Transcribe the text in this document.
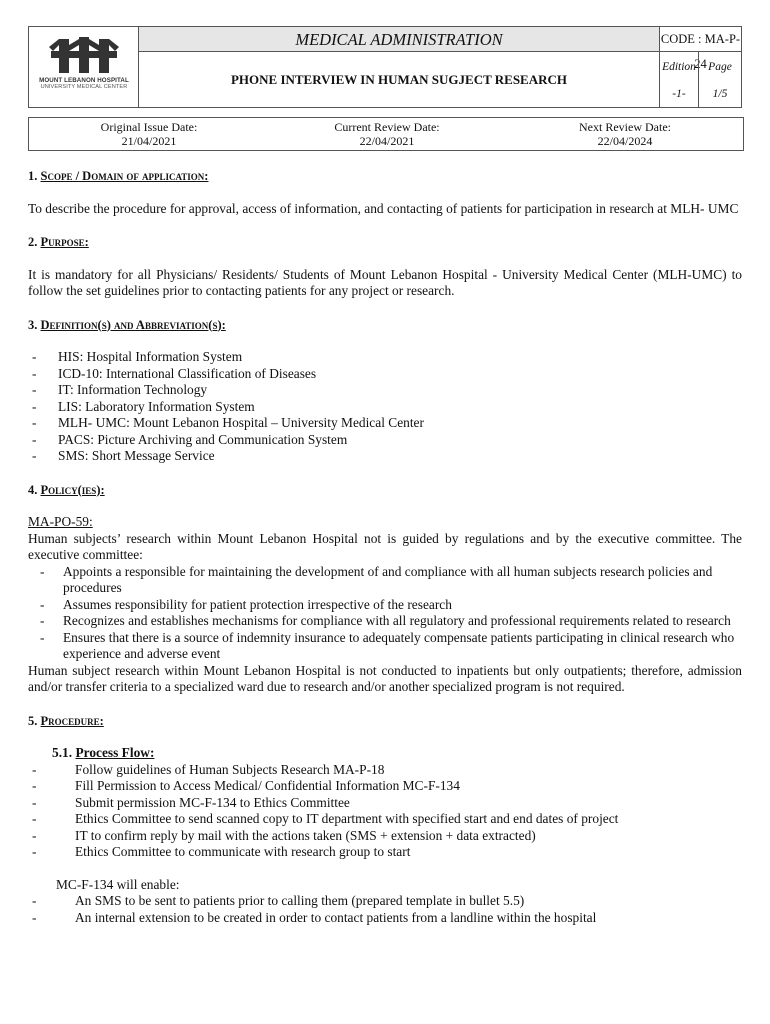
MOUNT LEBANON HOSPITAL
UNIVERSITY MEDICAL CENTER
MEDICAL ADMINISTRATION
PHONE INTERVIEW IN HUMAN SUGJECT RESEARCH
CODE : MA-P-24
Edition	Page
-1-	1/5
Original Issue Date:
21/04/2021
Current Review Date:
22/04/2021
Next Review Date:
22/04/2024
1. Scope / Domain of application:

To describe the procedure for approval, access of information, and contacting of patients for participation in research at MLH- UMC

2. Purpose:

It is mandatory for all Physicians/ Residents/ Students of Mount Lebanon Hospital - University Medical Center (MLH-UMC) to follow the set guidelines prior to contacting patients for any project or research.

3. Definition(s) and Abbreviation(s):
- HIS: Hospital Information System
- ICD-10: International Classification of Diseases
- IT: Information Technology
- LIS: Laboratory Information System
- MLH- UMC: Mount Lebanon Hospital – University Medical Center
- PACS: Picture Archiving and Communication System
- SMS: Short Message Service
4. Policy(ies):
MA-PO-59:

Human subjects’ research within Mount Lebanon Hospital not is guided by regulations and by the executive committee. The executive committee:

- Appoints a responsible for maintaining the development of and compliance with all human subjects research policies and procedures
- Assumes responsibility for patient protection irrespective of the research
- Recognizes and establishes mechanisms for compliance with all regulatory and professional requirements related to research
- Ensures that there is a source of indemnity insurance to adequately compensate patients participating in clinical research who experience and adverse event

Human subject research within Mount Lebanon Hospital is not conducted to inpatients but only outpatients; therefore, admission and/or transfer criteria to a specialized ward due to research and/or another specialized program is not required.

5. Procedure:
5.1. Process Flow:
- Follow guidelines of Human Subjects Research MA-P-18
- Fill Permission to Access Medical/ Confidential Information MC-F-134
- Submit permission MC-F-134 to Ethics Committee
- Ethics Committee to send scanned copy to IT department with specified start and end dates of project
- IT to confirm reply by mail with the actions taken (SMS + extension + data extracted)
- Ethics Committee to communicate with research group to start
MC-F-134 will enable:
- An SMS to be sent to patients prior to calling them (prepared template in bullet 5.5)
- An internal extension to be created in order to contact patients from a landline within the hospital
